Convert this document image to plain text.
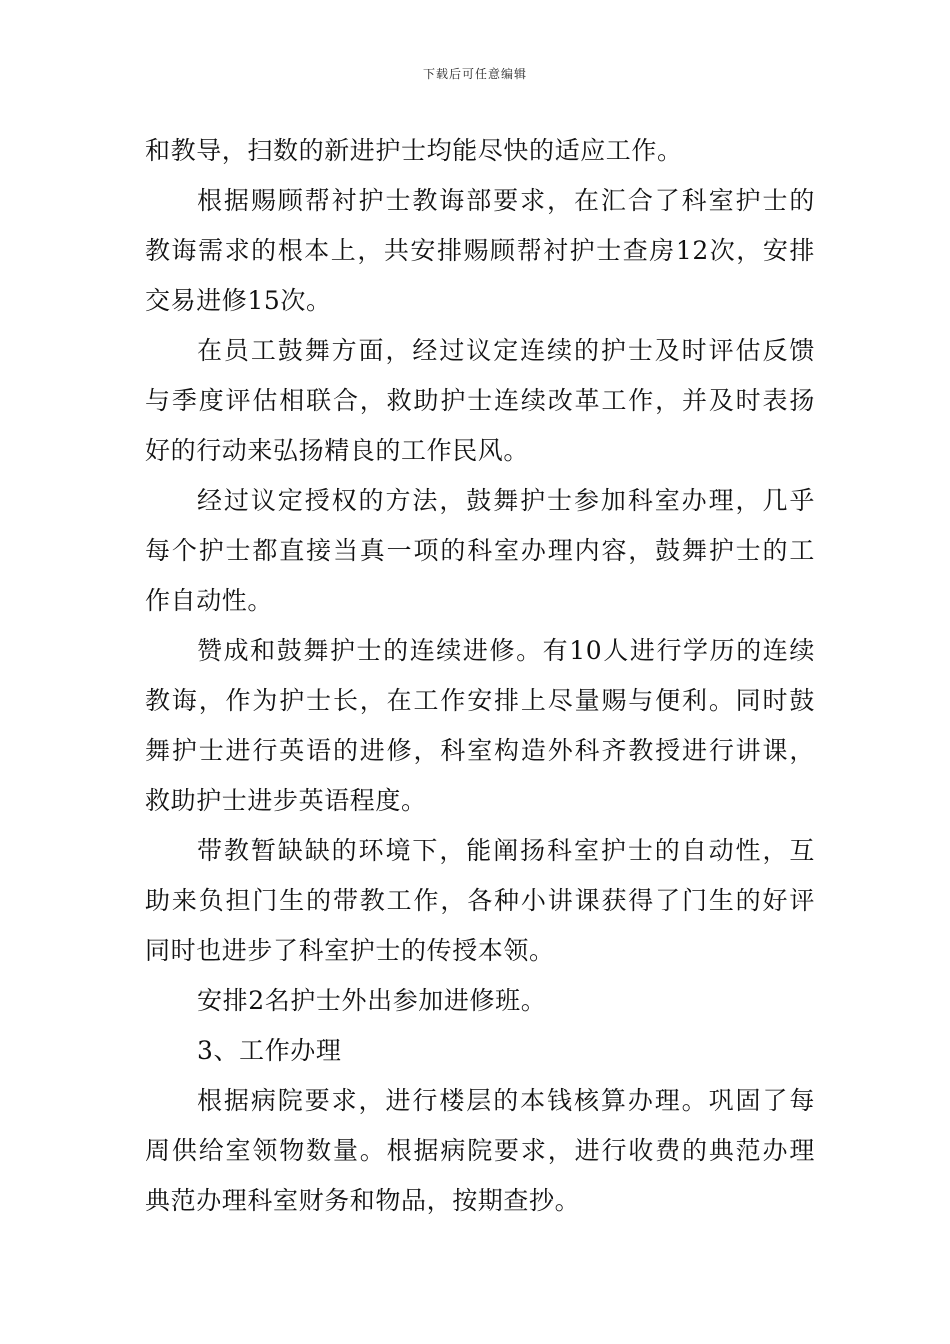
下载后可任意编辑
和教导，扫数的新进护士均能尽快的适应工作。
根据赐顾帮衬护士教诲部要求，在汇合了科室护士的
教诲需求的根本上，共安排赐顾帮衬护士查房12次，安排
交易进修15次。
在员工鼓舞方面，经过议定连续的护士及时评估反馈
与季度评估相联合，救助护士连续改革工作，并及时表扬
好的行动来弘扬精良的工作民风。
经过议定授权的方法，鼓舞护士参加科室办理，几乎
每个护士都直接当真一项的科室办理内容，鼓舞护士的工
作自动性。
赞成和鼓舞护士的连续进修。有10人进行学历的连续
教诲，作为护士长，在工作安排上尽量赐与便利。同时鼓
舞护士进行英语的进修，科室构造外科齐教授进行讲课，
救助护士进步英语程度。
带教暂缺缺的环境下，能阐扬科室护士的自动性，互
助来负担门生的带教工作，各种小讲课获得了门生的好评
同时也进步了科室护士的传授本领。
安排2名护士外出参加进修班。
3、工作办理
根据病院要求，进行楼层的本钱核算办理。巩固了每
周供给室领物数量。根据病院要求，进行收费的典范办理
典范办理科室财务和物品，按期查抄。
